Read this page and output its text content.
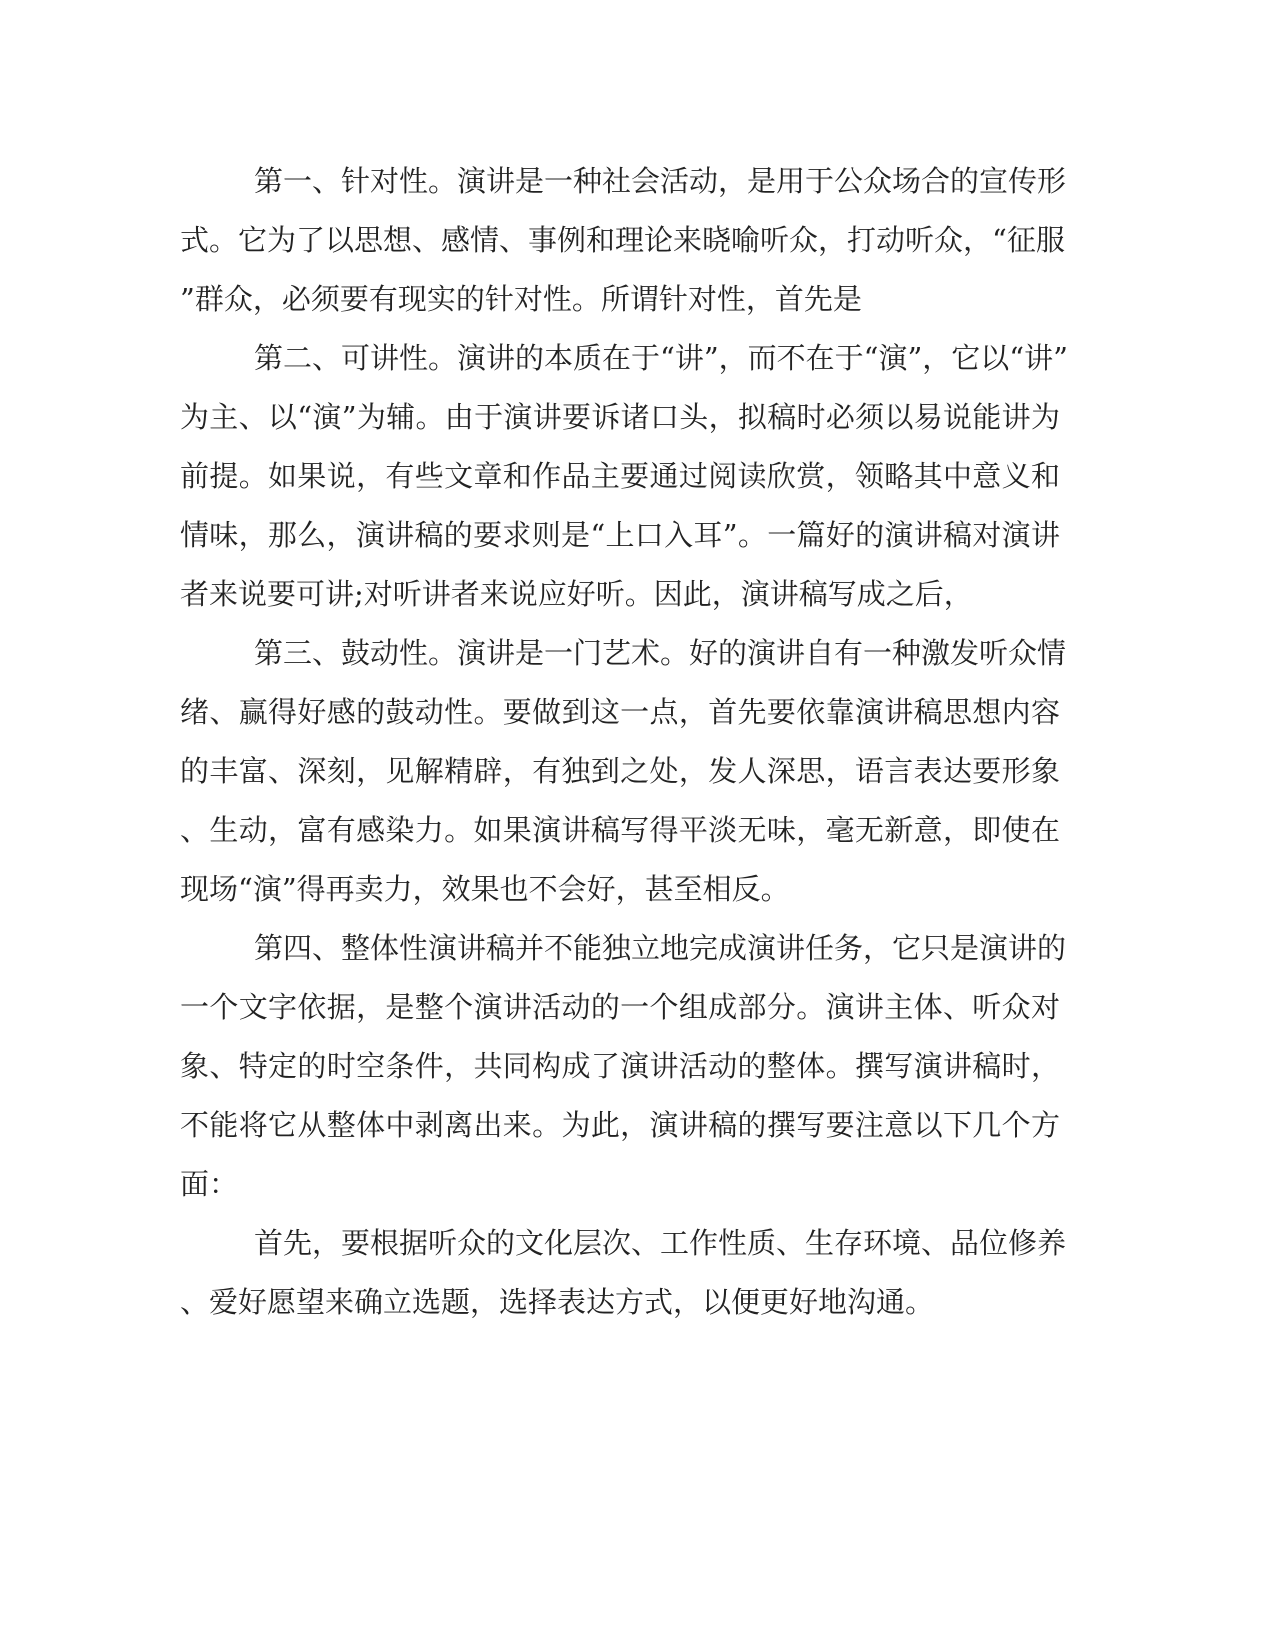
第一、针对性。演讲是一种社会活动，是用于公众场合的宣传形
式。它为了以思想、感情、事例和理论来晓喻听众，打动听众，“征服
”群众，必须要有现实的针对性。所谓针对性，首先是
第二、可讲性。演讲的本质在于“讲”，而不在于“演”，它以“讲”
为主、以“演”为辅。由于演讲要诉诸口头，拟稿时必须以易说能讲为
前提。如果说，有些文章和作品主要通过阅读欣赏，领略其中意义和
情味，那么，演讲稿的要求则是“上口入耳”。一篇好的演讲稿对演讲
者来说要可讲;对听讲者来说应好听。因此，演讲稿写成之后，
第三、鼓动性。演讲是一门艺术。好的演讲自有一种激发听众情
绪、赢得好感的鼓动性。要做到这一点，首先要依靠演讲稿思想内容
的丰富、深刻，见解精辟，有独到之处，发人深思，语言表达要形象
、生动，富有感染力。如果演讲稿写得平淡无味，毫无新意，即使在
现场“演”得再卖力，效果也不会好，甚至相反。
第四、整体性演讲稿并不能独立地完成演讲任务，它只是演讲的
一个文字依据，是整个演讲活动的一个组成部分。演讲主体、听众对
象、特定的时空条件，共同构成了演讲活动的整体。撰写演讲稿时，
不能将它从整体中剥离出来。为此，演讲稿的撰写要注意以下几个方
面：
首先，要根据听众的文化层次、工作性质、生存环境、品位修养
、爱好愿望来确立选题，选择表达方式，以便更好地沟通。
